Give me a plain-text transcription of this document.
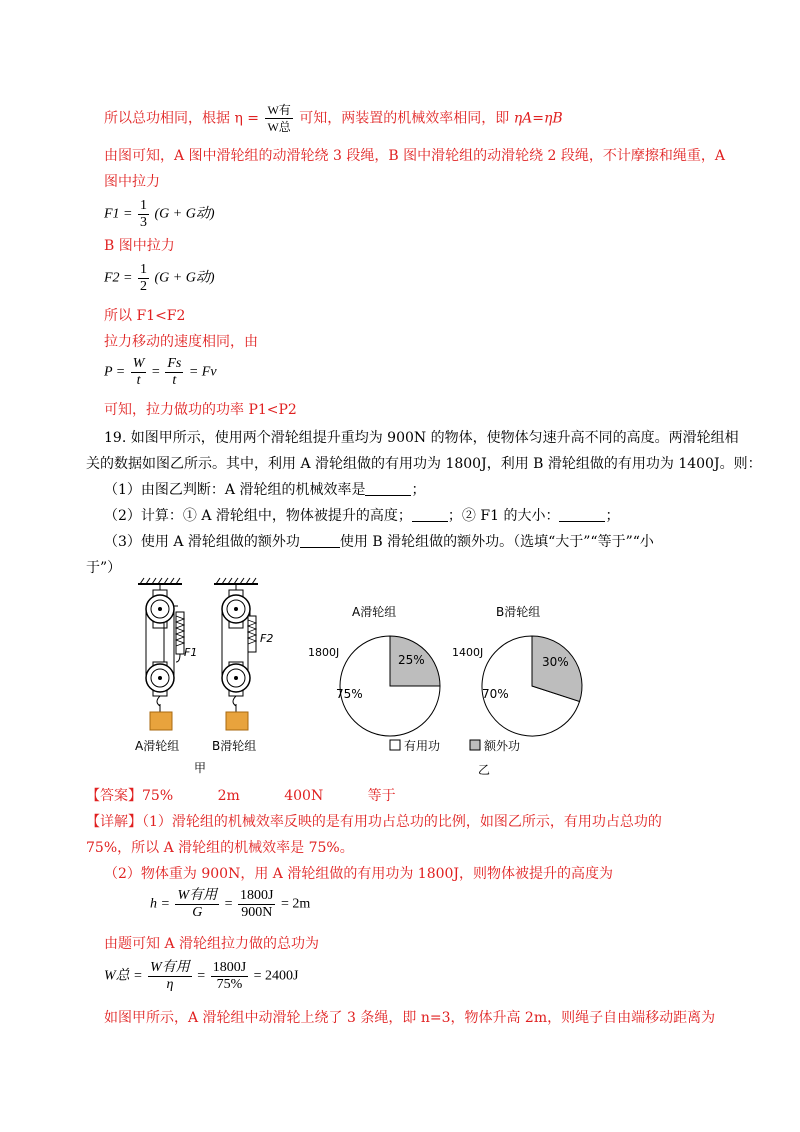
所以总功相同，根据 $\eta = \frac{\text{W有}}{\text{W总}}$ 可知，两装置的机械效率相同，即 ηA=ηB
由图可知，A 图中滑轮组的动滑轮绕 3 段绳，B 图中滑轮组的动滑轮绕 2 段绳，不计摩擦和绳重，A
图中拉力
$F1 = \frac{1}{3} (G + G$动)
B 图中拉力
$F2 = \frac{1}{2} (G + G$动)
所以 F1<F2
拉力移动的速度相同，由
$P = \frac{W}{t} = \frac{Fs}{t} = Fv$
可知，拉力做功的功率 P1<P2
19. 如图甲所示，使用两个滑轮组提升重均为 900N 的物体，使物体匀速升高不同的高度。两滑轮组相
关的数据如图乙所示。其中，利用 A 滑轮组做的有用功为 1800J，利用 B 滑轮组做的有用功为 1400J。则：
（1）由图乙判断：A 滑轮组的机械效率是	；
（2）计算：① A 滑轮组中，物体被提升的高度；	；② F1 的大小：	；
（3）使用 A 滑轮组做的额外功	使用 B 滑轮组做的额外功。（选填“大于”“等于”“小
于”）
F1
A滑轮组
F2
B滑轮组
甲
A滑轮组
1800J
75%
25%
B滑轮组
1400J
70%
30%
有用功	额外功
乙
【答案】75%	2m	400N	等于
【详解】（1）滑轮组的机械效率反映的是有用功占总功的比例，如图乙所示，有用功占总功的
75%，所以 A 滑轮组的机械效率是 75%。
（2）物体重为 900N，用 A 滑轮组做的有用功为 1800J，则物体被提升的高度为
$h = \frac{\text{W有用}}{G} = \frac{1800J}{900N} = 2m$
由题可知 A 滑轮组拉力做的总功为
W总 = $\frac{\text{W有用}}{\eta} = \frac{1800J}{75\%} = 2400J$
如图甲所示，A 滑轮组中动滑轮上绕了 3 条绳，即 n=3，物体升高 2m，则绳子自由端移动距离为
